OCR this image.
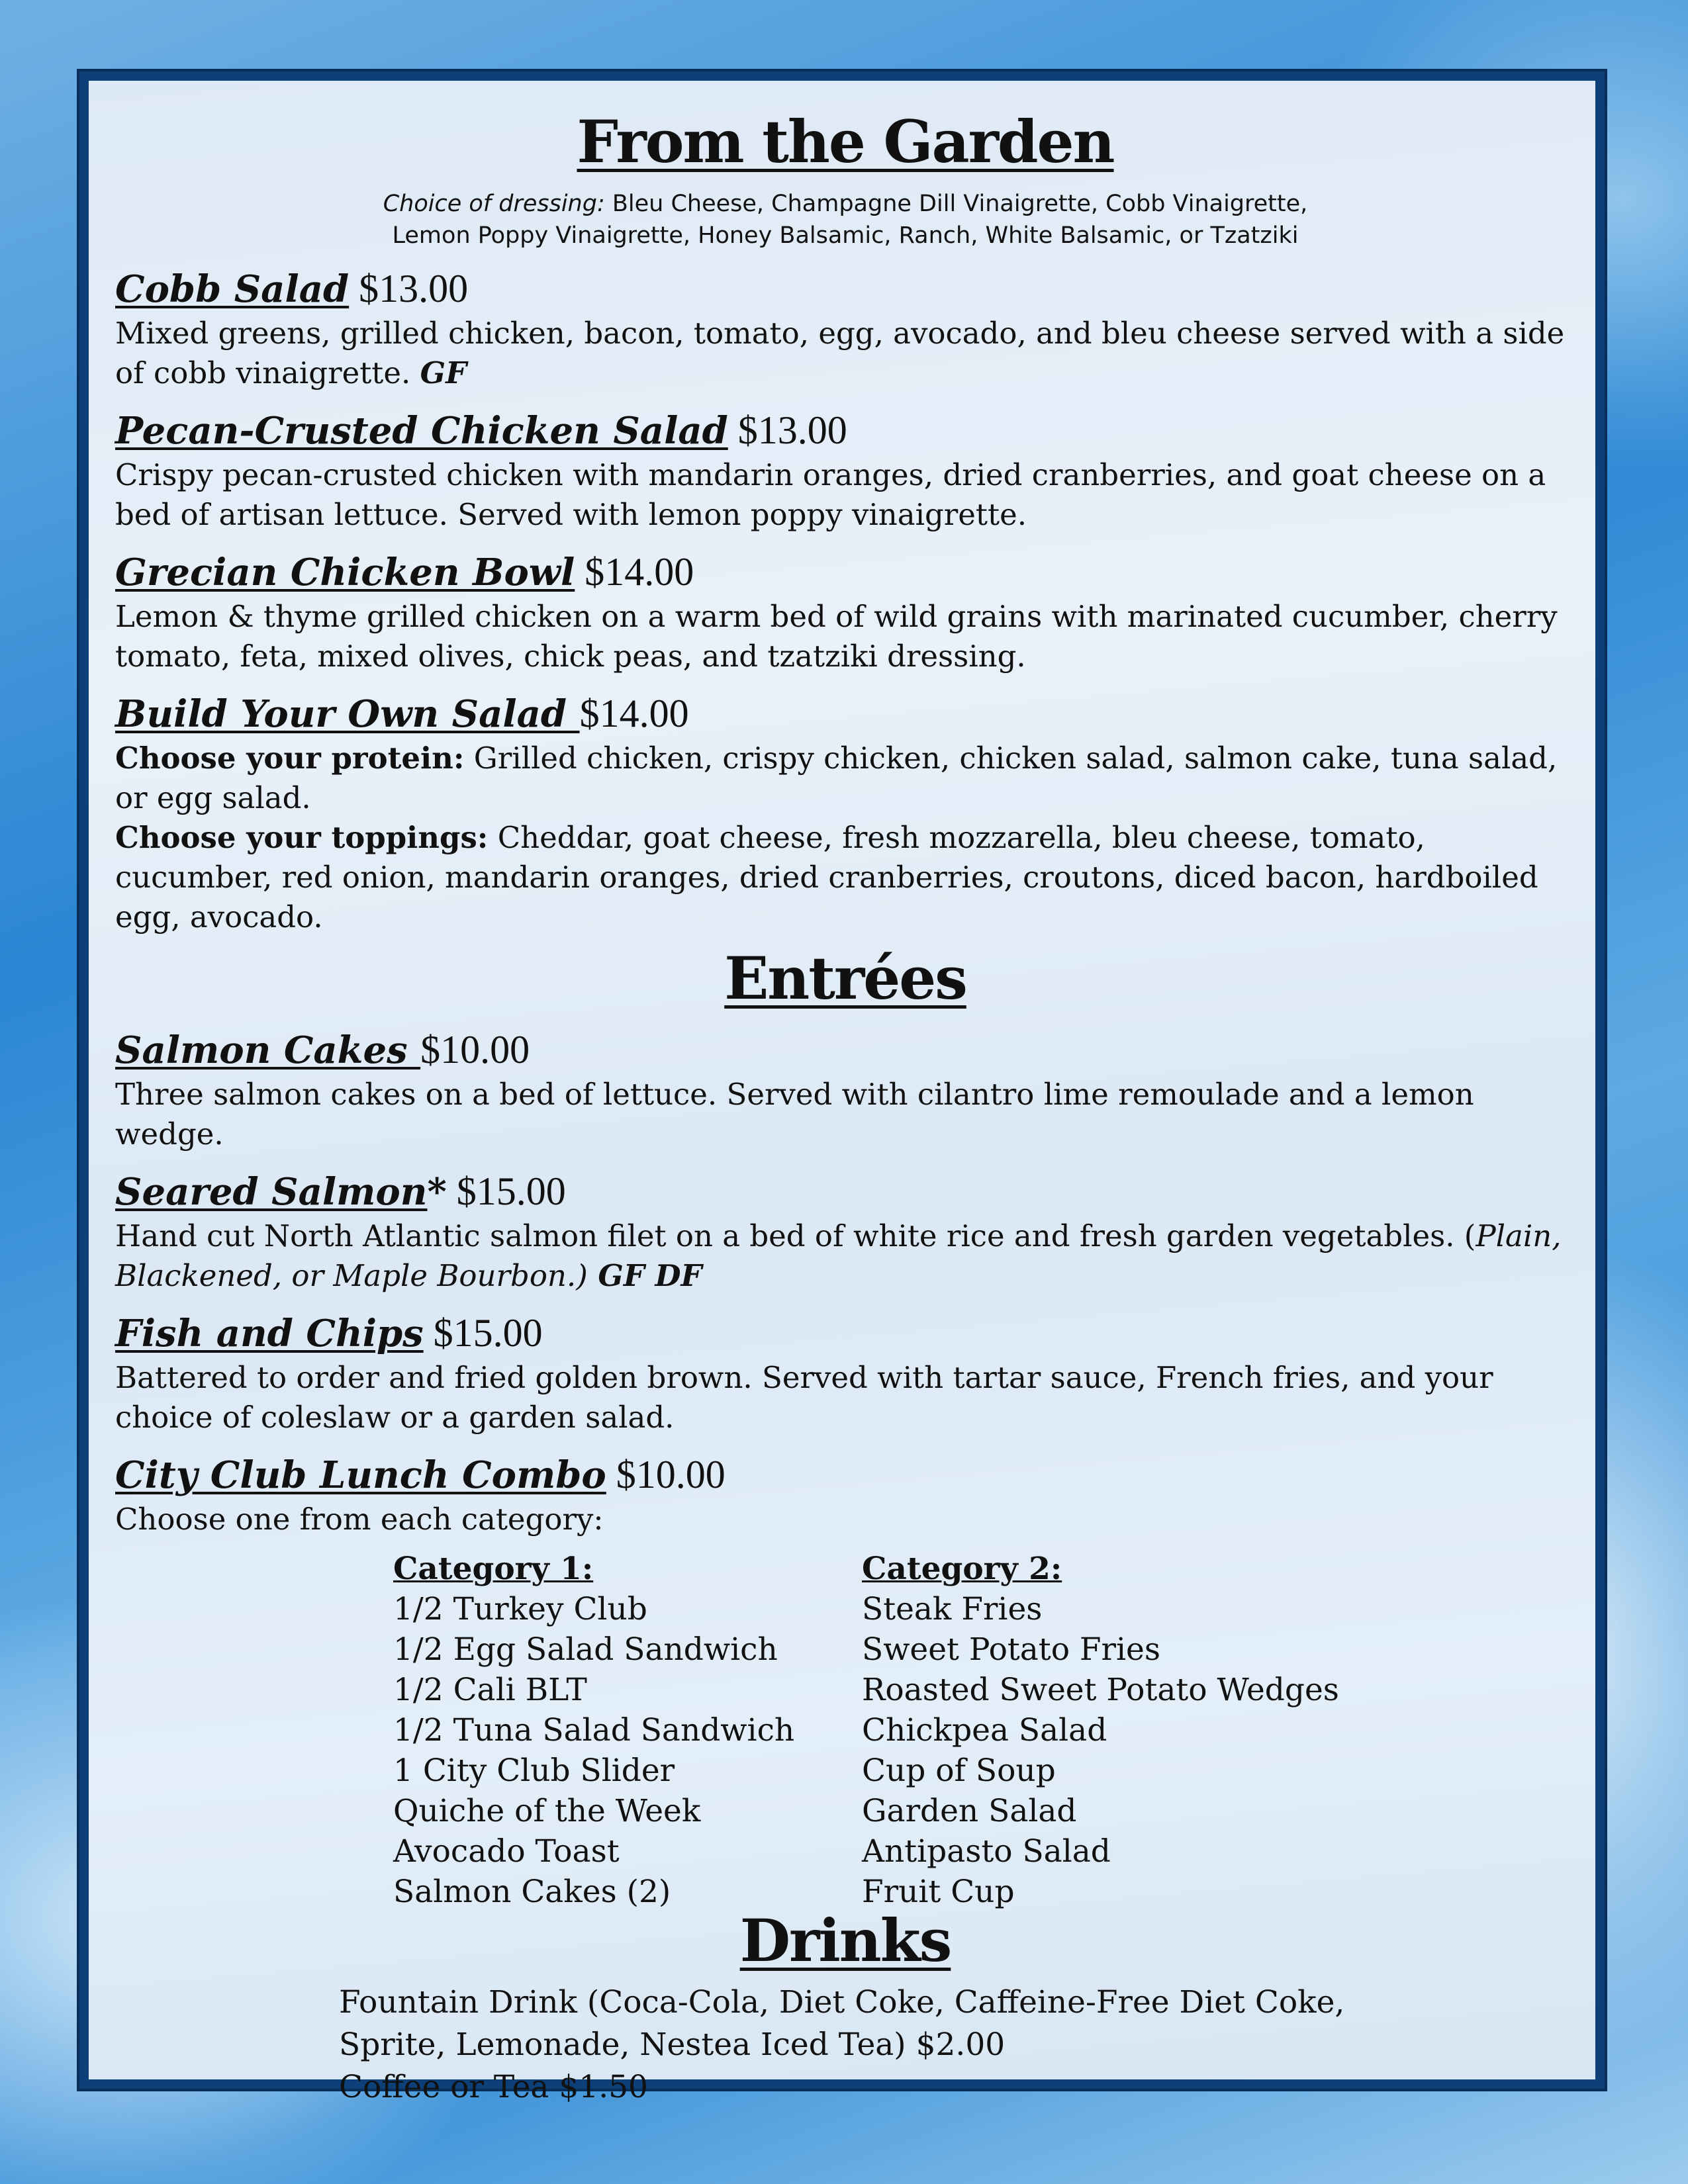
From the Garden
Choice of dressing: Bleu Cheese, Champagne Dill Vinaigrette, Cobb Vinaigrette,
Lemon Poppy Vinaigrette, Honey Balsamic, Ranch, White Balsamic, or Tzatziki
Cobb Salad $13.00
Mixed greens, grilled chicken, bacon, tomato, egg, avocado, and bleu cheese served with a side of cobb vinaigrette. GF
Pecan-Crusted Chicken Salad $13.00
Crispy pecan-crusted chicken with mandarin oranges, dried cranberries, and goat cheese on a bed of artisan lettuce. Served with lemon poppy vinaigrette.
Grecian Chicken Bowl $14.00
Lemon & thyme grilled chicken on a warm bed of wild grains with marinated cucumber, cherry tomato, feta, mixed olives, chick peas, and tzatziki dressing.
Build Your Own Salad $14.00
Choose your protein: Grilled chicken, crispy chicken, chicken salad, salmon cake, tuna salad, or egg salad.
Choose your toppings: Cheddar, goat cheese, fresh mozzarella, bleu cheese, tomato, cucumber, red onion, mandarin oranges, dried cranberries, croutons, diced bacon, hardboiled egg, avocado.
Entrées
Salmon Cakes $10.00
Three salmon cakes on a bed of lettuce. Served with cilantro lime remoulade and a lemon wedge.
Seared Salmon* $15.00
Hand cut North Atlantic salmon filet on a bed of white rice and fresh garden vegetables. (Plain, Blackened, or Maple Bourbon.) GF DF
Fish and Chips $15.00
Battered to order and fried golden brown. Served with tartar sauce, French fries, and your choice of coleslaw or a garden salad.
City Club Lunch Combo $10.00
Choose one from each category:
Category 1:
1/2 Turkey Club
1/2 Egg Salad Sandwich
1/2 Cali BLT
1/2 Tuna Salad Sandwich
1 City Club Slider
Quiche of the Week
Avocado Toast
Salmon Cakes (2)
Category 2:
Steak Fries
Sweet Potato Fries
Roasted Sweet Potato Wedges
Chickpea Salad
Cup of Soup
Garden Salad
Antipasto Salad
Fruit Cup
Drinks
Fountain Drink (Coca-Cola, Diet Coke, Caffeine-Free Diet Coke,
Sprite, Lemonade, Nestea Iced Tea) $2.00
Coffee or Tea $1.50
